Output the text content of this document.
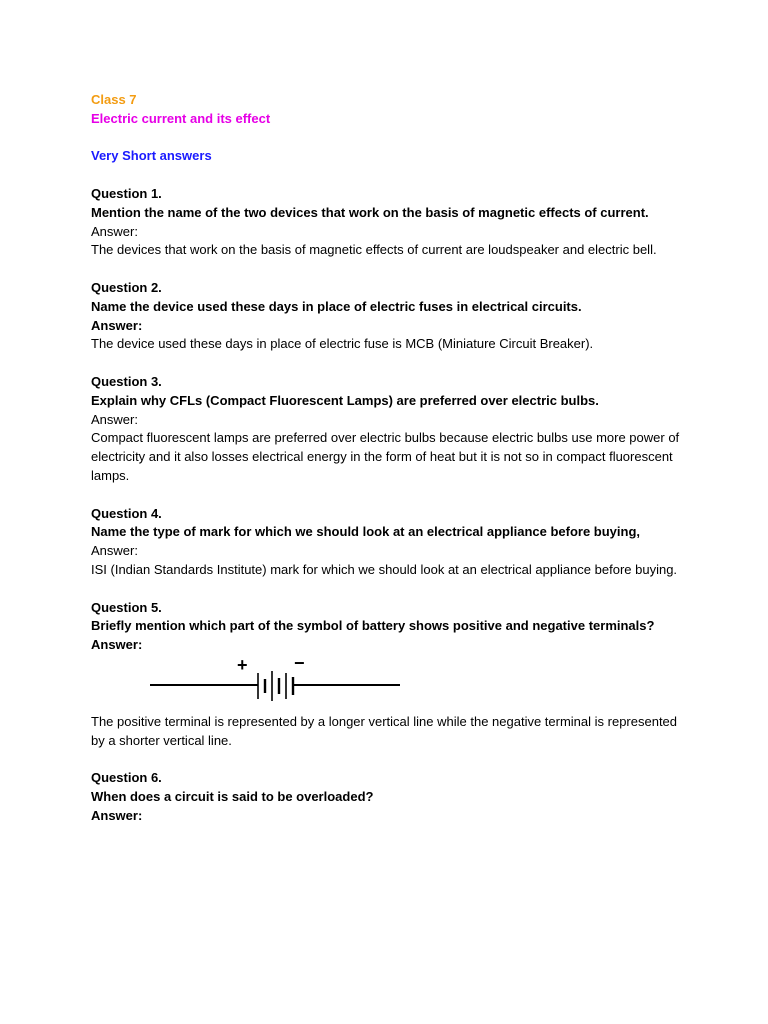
Class 7
Electric current and its effect
Very Short answers
Question 1.
Mention the name of the two devices that work on the basis of magnetic effects of current.
Answer:
The devices that work on the basis of magnetic effects of current are loudspeaker and electric bell.
Question 2.
Name the device used these days in place of electric fuses in electrical circuits.
Answer:
The device used these days in place of electric fuse is MCB (Miniature Circuit Breaker).
Question 3.
Explain why CFLs (Compact Fluorescent Lamps) are preferred over electric bulbs.
Answer:
Compact fluorescent lamps are preferred over electric bulbs because electric bulbs use more power of electricity and it also losses electrical energy in the form of heat but it is not so in compact fluorescent lamps.
Question 4.
Name the type of mark for which we should look at an electrical appliance before buying,
Answer:
ISI (Indian Standards Institute) mark for which we should look at an electrical appliance before buying.
Question 5.
Briefly mention which part of the symbol of battery shows positive and negative terminals?
Answer:
+	−
The positive terminal is represented by a longer vertical line while the negative terminal is represented by a shorter vertical line.
Question 6.
When does a circuit is said to be overloaded?
Answer:
